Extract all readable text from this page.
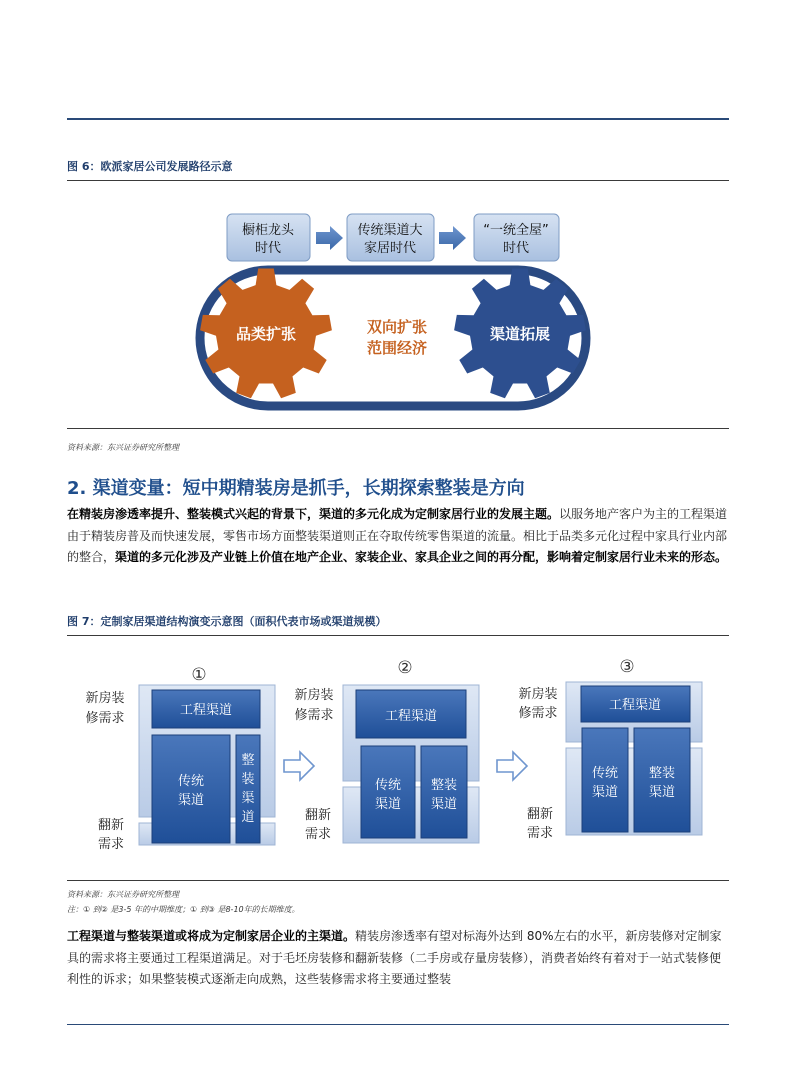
图 6：欧派家居公司发展路径示意
橱柜龙头
时代
传统渠道大
家居时代
“一统全屋”
时代
品类扩张	渠道拓展
双向扩张
范围经济
资料来源：东兴证券研究所整理
2. 渠道变量：短中期精装房是抓手，长期探索整装是方向
在精装房渗透率提升、整装模式兴起的背景下，渠道的多元化成为定制家居行业的发展主题。以服务地产客户为主的工程渠道由于精装房普及而快速发展，零售市场方面整装渠道则正在夺取传统零售渠道的流量。相比于品类多元化过程中家具行业内部的整合，渠道的多元化涉及产业链上价值在地产企业、家装企业、家具企业之间的再分配，影响着定制家居行业未来的形态。
图 7：定制家居渠道结构演变示意图（面积代表市场或渠道规模）
①
工程渠道
传统
渠道
整装渠道
新房装
修需求
翻新
需求
②
工程渠道
传统
渠道
整装
渠道
新房装
修需求
翻新
需求
③
工程渠道
传统
渠道
整装
渠道
新房装
修需求
翻新
需求
资料来源：东兴证券研究所整理
注：① 到② 是3-5 年的中期维度；① 到③ 是8-10年的长期维度。
工程渠道与整装渠道或将成为定制家居企业的主渠道。精装房渗透率有望对标海外达到 80%左右的水平，新房装修对定制家具的需求将主要通过工程渠道满足。对于毛坯房装修和翻新装修（二手房或存量房装修），消费者始终有着对于一站式装修便利性的诉求；如果整装模式逐渐走向成熟，这些装修需求将主要通过整装
